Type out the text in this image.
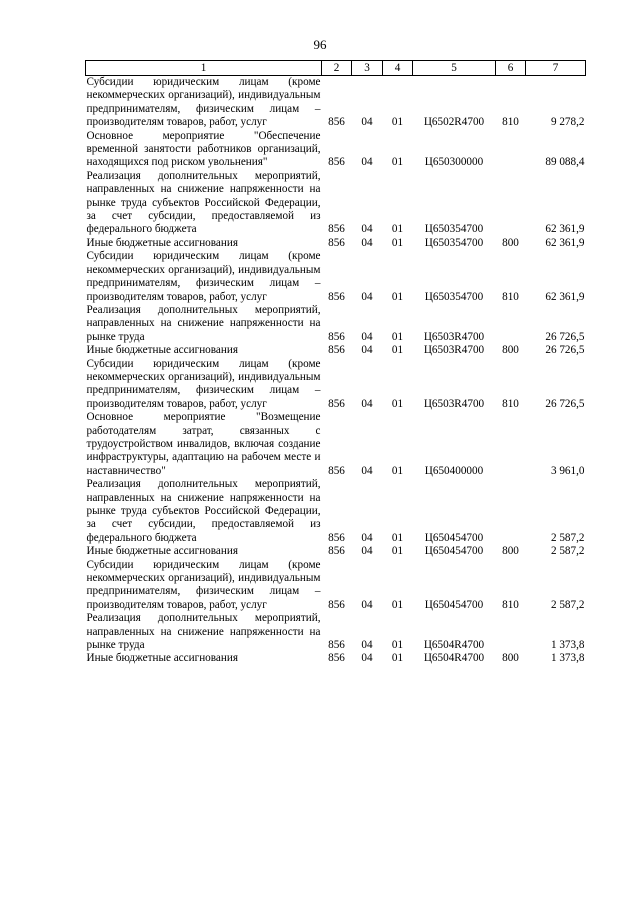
96
1	2	3	4	5	6	7
Субсидии юридическим лицам (кроме некоммерческих организаций), индивидуальным предпринимателям, физическим лицам – производителям товаров, работ, услуг	856	04	01	Ц6502R4700	810	9 278,2
Основное мероприятие "Обеспечение временной занятости работников организаций, находящихся под риском увольнения"	856	04	01	Ц650300000		89 088,4
Реализация дополнительных мероприятий, направленных на снижение напряженности на рынке труда субъектов Российской Федерации, за счет субсидии, предоставляемой из федерального бюджета	856	04	01	Ц650354700		62 361,9
Иные бюджетные ассигнования	856	04	01	Ц650354700	800	62 361,9
Субсидии юридическим лицам (кроме некоммерческих организаций), индивидуальным предпринимателям, физическим лицам – производителям товаров, работ, услуг	856	04	01	Ц650354700	810	62 361,9
Реализация дополнительных мероприятий, направленных на снижение напряженности на рынке труда	856	04	01	Ц6503R4700		26 726,5
Иные бюджетные ассигнования	856	04	01	Ц6503R4700	800	26 726,5
Субсидии юридическим лицам (кроме некоммерческих организаций), индивидуальным предпринимателям, физическим лицам – производителям товаров, работ, услуг	856	04	01	Ц6503R4700	810	26 726,5
Основное мероприятие "Возмещение работодателям затрат, связанных с трудоустройством инвалидов, включая создание инфраструктуры, адаптацию на рабочем месте и наставничество"	856	04	01	Ц650400000		3 961,0
Реализация дополнительных мероприятий, направленных на снижение напряженности на рынке труда субъектов Российской Федерации, за счет субсидии, предоставляемой из федерального бюджета	856	04	01	Ц650454700		2 587,2
Иные бюджетные ассигнования	856	04	01	Ц650454700	800	2 587,2
Субсидии юридическим лицам (кроме некоммерческих организаций), индивидуальным предпринимателям, физическим лицам – производителям товаров, работ, услуг	856	04	01	Ц650454700	810	2 587,2
Реализация дополнительных мероприятий, направленных на снижение напряженности на рынке труда	856	04	01	Ц6504R4700		1 373,8
Иные бюджетные ассигнования	856	04	01	Ц6504R4700	800	1 373,8
